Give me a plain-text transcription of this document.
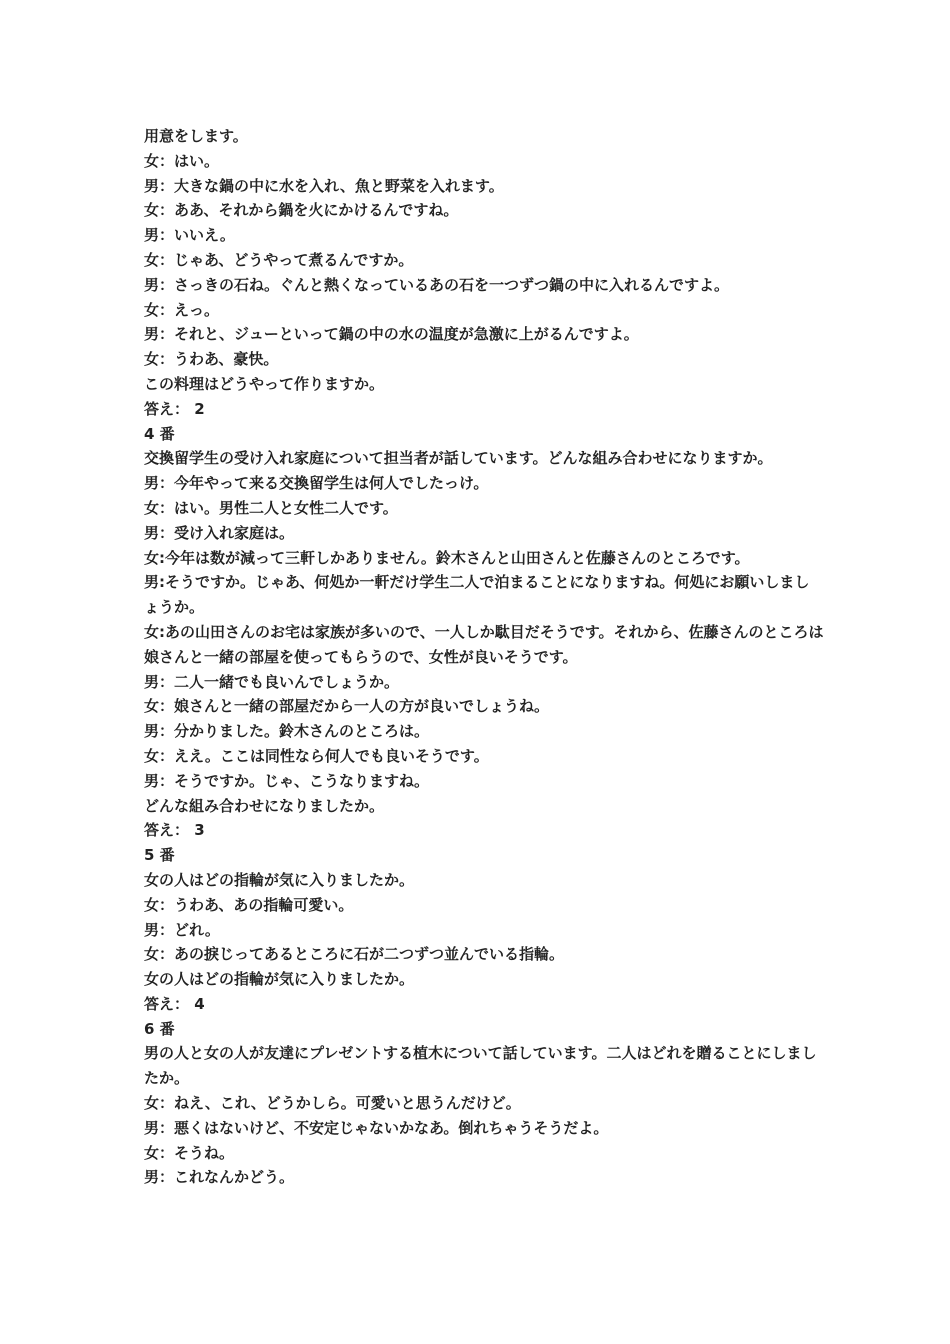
用意をします。

女：はい。

男：大きな鍋の中に水を入れ、魚と野菜を入れます。

女：ああ、それから鍋を火にかけるんですね。

男：いいえ。

女：じゃあ、どうやって煮るんですか。

男：さっきの石ね。ぐんと熱くなっているあの石を一つずつ鍋の中に入れるんですよ。

女：えっ。

男：それと、ジューといって鍋の中の水の温度が急激に上がるんですよ。

女：うわあ、豪快。

この料理はどうやって作りますか。

答え： 2

4 番

交換留学生の受け入れ家庭について担当者が話しています。どんな組み合わせになりますか。

男：今年やって来る交換留学生は何人でしたっけ。

女：はい。男性二人と女性二人です。

男：受け入れ家庭は。

女:今年は数が減って三軒しかありません。鈴木さんと山田さんと佐藤さんのところです。

男:そうですか。じゃあ、何処か一軒だけ学生二人で泊まることになりますね。何処にお願いしましょうか。

女:あの山田さんのお宅は家族が多いので、一人しか駄目だそうです。それから、佐藤さんのところは娘さんと一緒の部屋を使ってもらうので、女性が良いそうです。

男：二人一緒でも良いんでしょうか。

女：娘さんと一緒の部屋だから一人の方が良いでしょうね。

男：分かりました。鈴木さんのところは。

女：ええ。ここは同性なら何人でも良いそうです。

男：そうですか。じゃ、こうなりますね。

どんな組み合わせになりましたか。

答え： 3

5 番

女の人はどの指輪が気に入りましたか。

女：うわあ、あの指輪可愛い。

男：どれ。

女：あの捩じってあるところに石が二つずつ並んでいる指輪。

女の人はどの指輪が気に入りましたか。

答え： 4

6 番

男の人と女の人が友達にプレゼントする植木について話しています。二人はどれを贈ることにしましたか。

女：ねえ、これ、どうかしら。可愛いと思うんだけど。

男：悪くはないけど、不安定じゃないかなあ。倒れちゃうそうだよ。

女：そうね。

男：これなんかどう。
